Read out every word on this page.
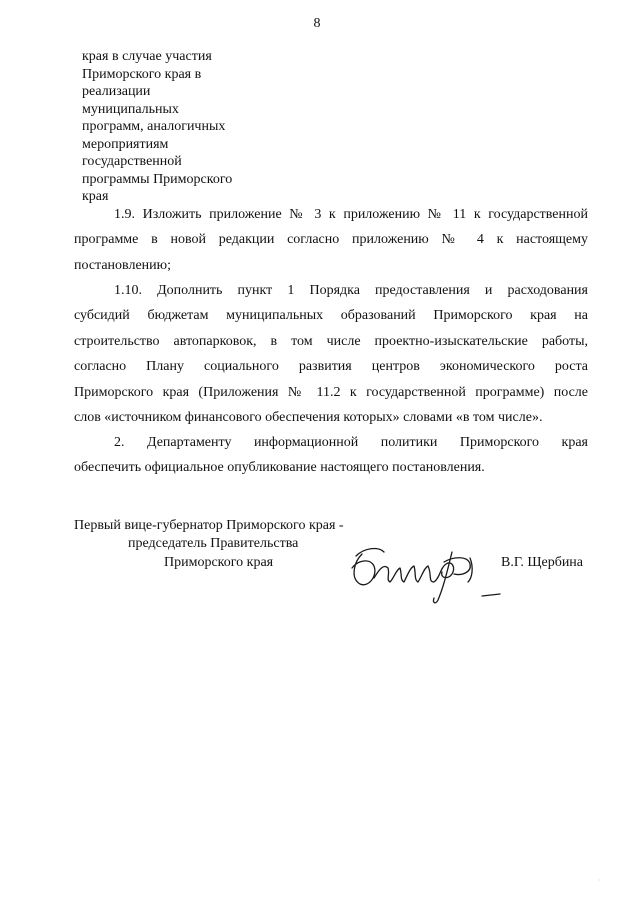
8
края в случае участия
Приморского края в
реализации
муниципальных
программ, аналогичных
мероприятиям
государственной
программы Приморского
края
1.9. Изложить приложение № 3 к приложению № 11 к государственной
программе в новой редакции согласно приложению № 4 к настоящему
постановлению;
1.10. Дополнить пункт 1 Порядка предоставления и расходования
субсидий бюджетам муниципальных образований Приморского края на
строительство автопарковок, в том числе проектно-изыскательские работы,
согласно Плану социального развития центров экономического роста
Приморского края (Приложения № 11.2 к государственной программе) после
слов «источником финансового обеспечения которых» словами «в том числе».
2. Департаменту информационной политики Приморского края
обеспечить официальное опубликование настоящего постановления.
Первый вице-губернатор Приморского края -
председатель Правительства
Приморского края	В.Г. Щербина
·
